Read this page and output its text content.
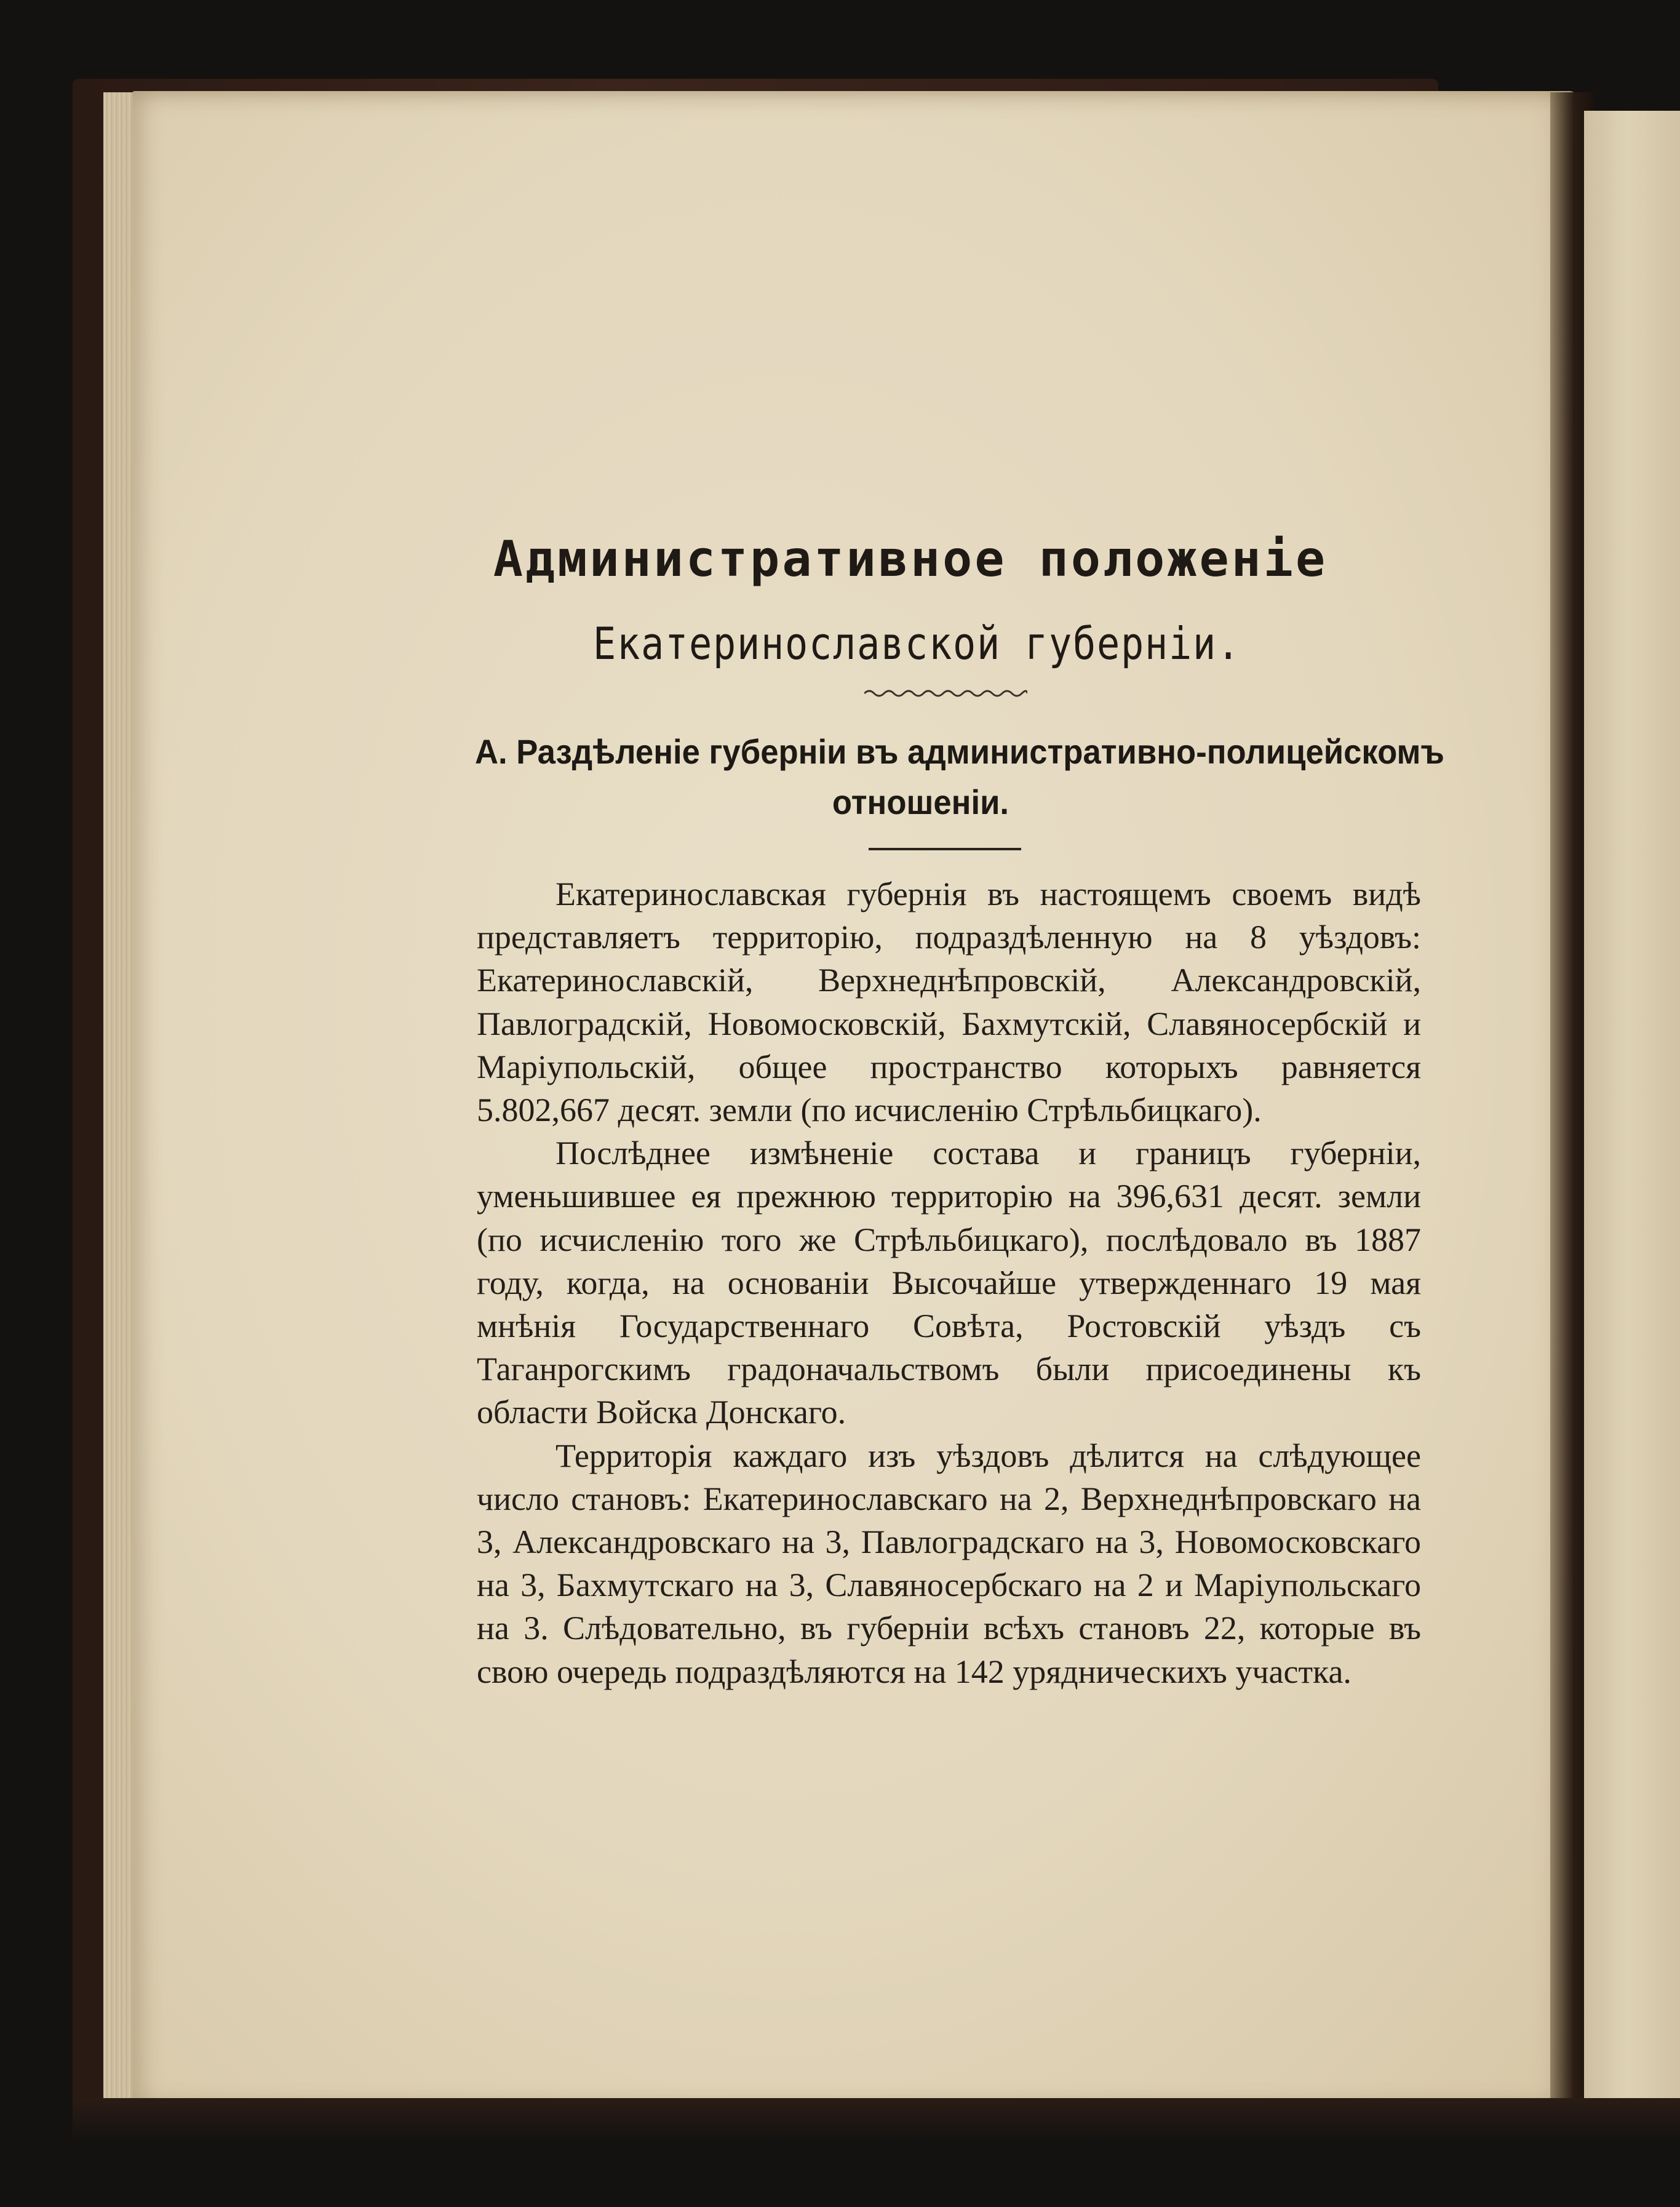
Административное положенiе
Екатеринославской губернiи.
А. Раздѣленiе губернiи въ административно-полицейскомъ
отношенiи.

Екатеринославская губернiя въ настоящемъ своемъ видѣ представляетъ территорiю, подраздѣленную на 8 уѣздовъ: Екатеринославскiй, Верхнеднѣпровскiй, Александровскiй, Павлоградскiй, Новомосковскiй, Бахмутскiй, Славяносербскiй и Марiупольскiй, общее пространство которыхъ равняется 5.802,667 десят. земли (по исчисленiю Стрѣльбицкаго).

Послѣднее измѣненiе состава и границъ губернiи, уменьшившее ея прежнюю территорiю на 396,631 десят. земли (по исчисленiю того же Стрѣльбицкаго), послѣдовало въ 1887 году, когда, на основанiи Высочайше утвержденнаго 19 мая мнѣнiя Государственнаго Совѣта, Ростовскiй уѣздъ съ Таганрогскимъ градоначальствомъ были присоединены къ области Войска Донскаго.

Территорiя каждаго изъ уѣздовъ дѣлится на слѣдующее число становъ: Екатеринославскаго на 2, Верхнеднѣпровскаго на 3, Александровскаго на 3, Павлоградскаго на 3, Новомосковскаго на 3, Бахмутскаго на 3, Славяносербскаго на 2 и Марiупольскаго на 3. Слѣдовательно, въ губернiи всѣхъ становъ 22, которые въ свою очередь подраздѣляются на 142 урядническихъ участка.
